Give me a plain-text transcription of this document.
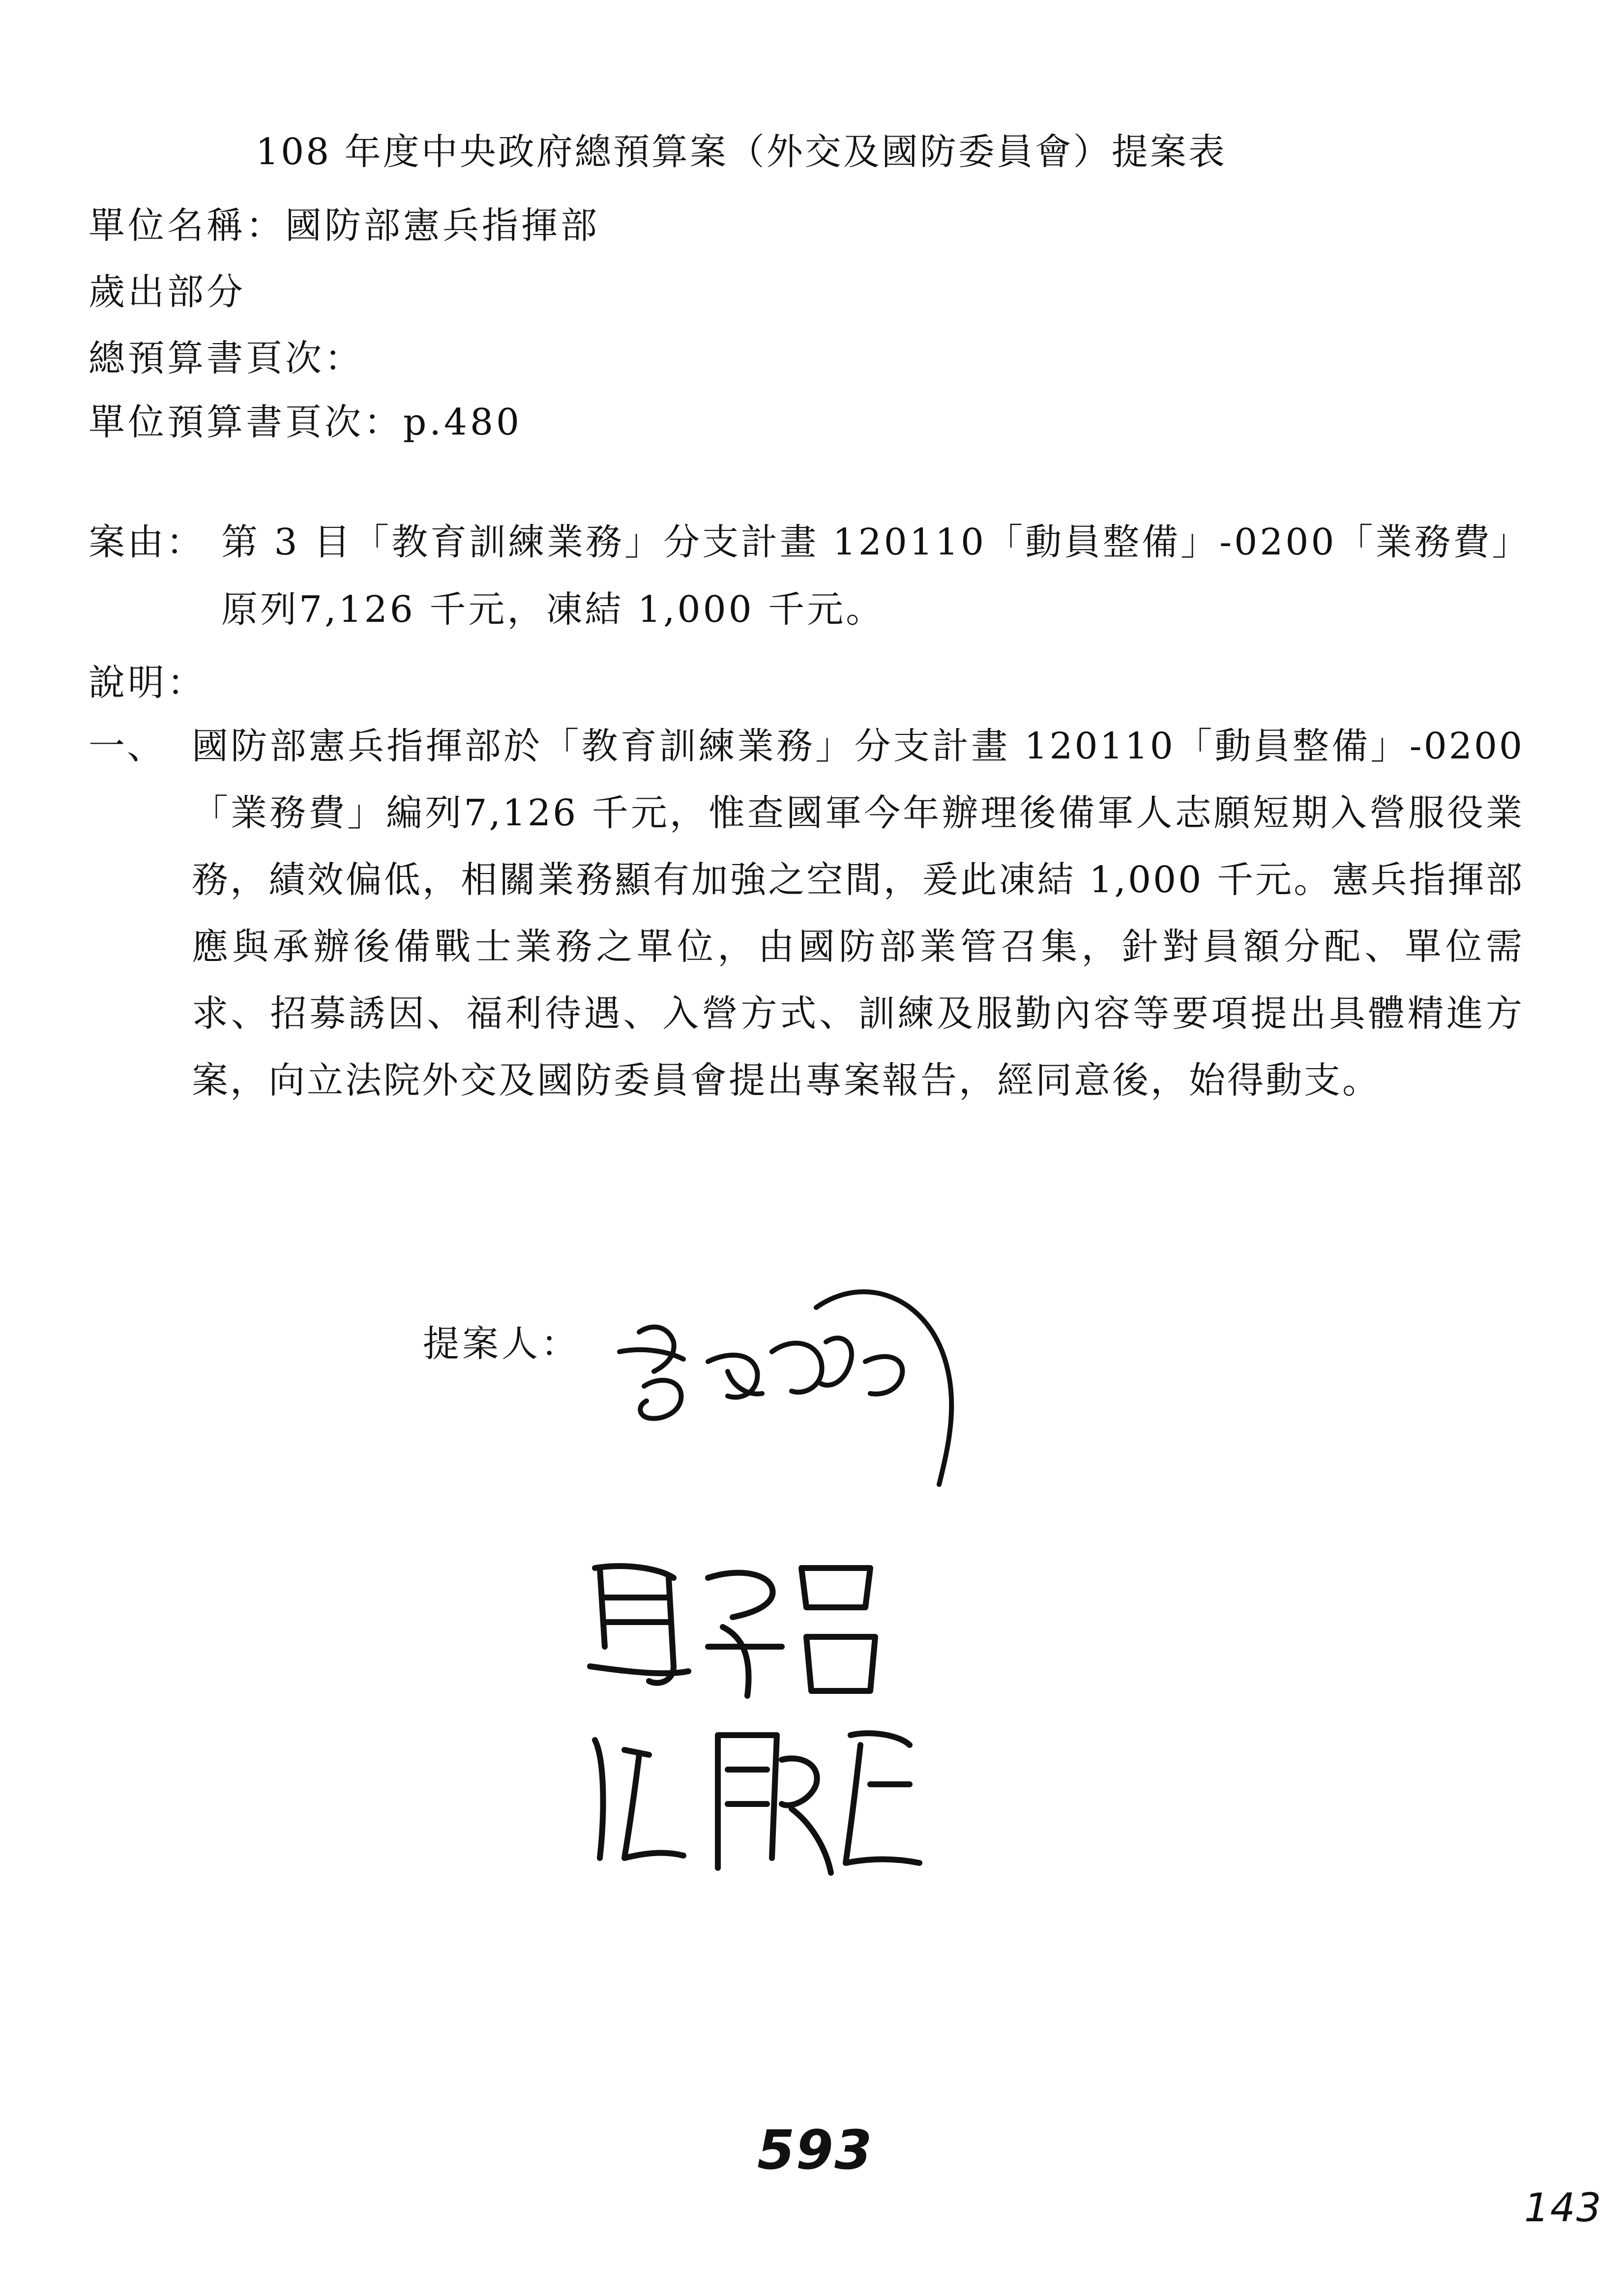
108 年度中央政府總預算案（外交及國防委員會）提案表
單位名稱：國防部憲兵指揮部
歲出部分
總預算書頁次：
單位預算書頁次：p.480
案由： 第 3 目「教育訓練業務」分支計畫 120110「動員整備」-0200「業務費」原列7,126 千元，凍結 1,000 千元。
說明：
一、 國防部憲兵指揮部於「教育訓練業務」分支計畫 120110「動員整備」-0200「業務費」編列7,126 千元，惟查國軍今年辦理後備軍人志願短期入營服役業務，績效偏低，相關業務顯有加強之空間，爰此凍結 1,000 千元。憲兵指揮部應與承辦後備戰士業務之單位，由國防部業管召集，針對員額分配、單位需求、招募誘因、福利待遇、入營方式、訓練及服勤內容等要項提出具體精進方案，向立法院外交及國防委員會提出專案報告，經同意後，始得動支。
提案人：
593
143
